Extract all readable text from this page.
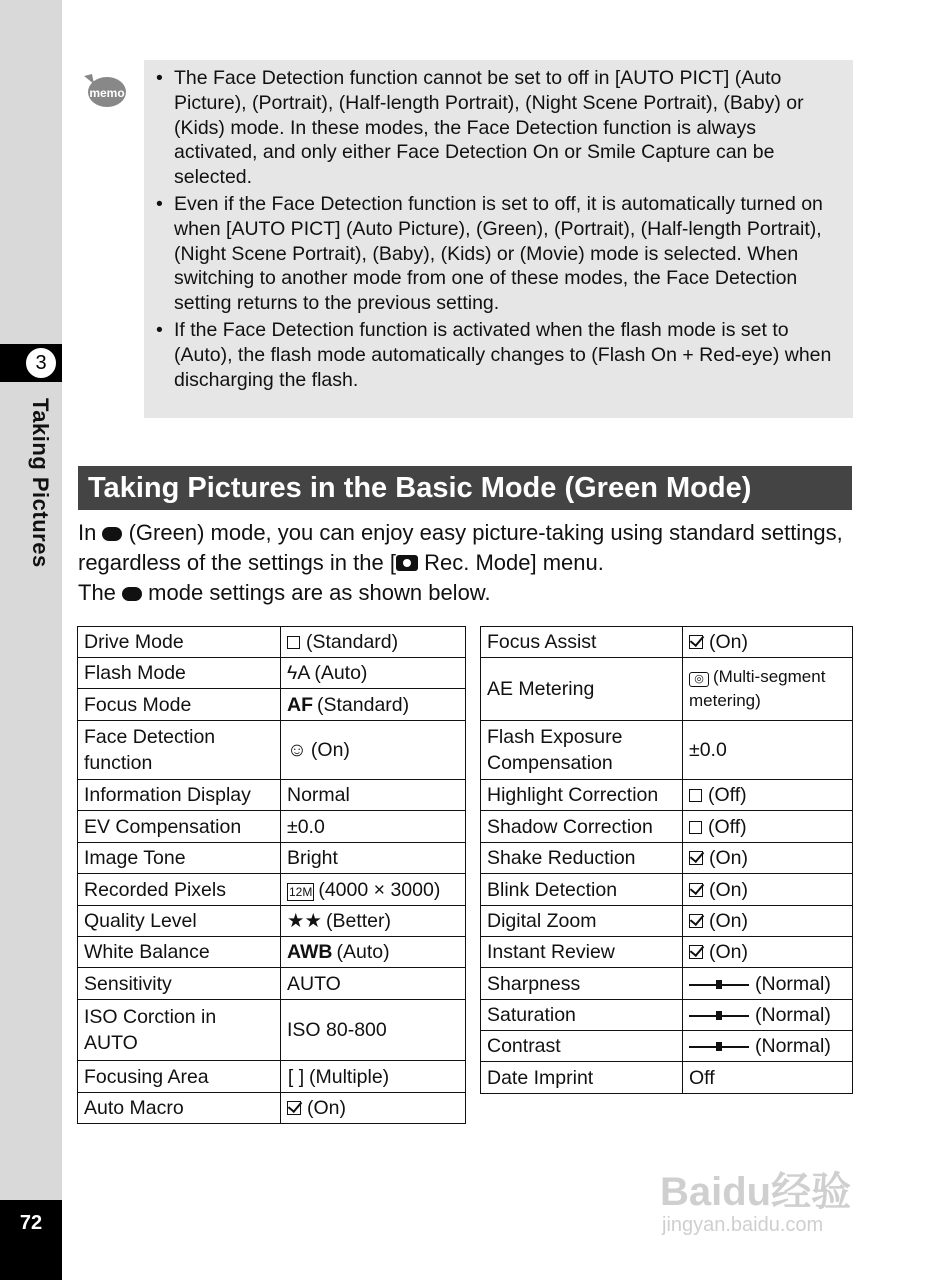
3
Taking Pictures
72
memo
• The Face Detection function cannot be set to off in [AUTO PICT] (Auto Picture), (Portrait), (Half-length Portrait), (Night Scene Portrait), (Baby) or (Kids) mode. In these modes, the Face Detection function is always activated, and only either Face Detection On or Smile Capture can be selected.
• Even if the Face Detection function is set to off, it is automatically turned on when [AUTO PICT] (Auto Picture), (Green), (Portrait), (Half-length Portrait), (Night Scene Portrait), (Baby), (Kids) or (Movie) mode is selected. When switching to another mode from one of these modes, the Face Detection setting returns to the previous setting.
• If the Face Detection function is activated when the flash mode is set to (Auto), the flash mode automatically changes to (Flash On + Red-eye) when discharging the flash.
Taking Pictures in the Basic Mode (Green Mode)

In (Green) mode, you can enjoy easy picture-taking using standard settings, regardless of the settings in the [ Rec. Mode] menu.

The mode settings are as shown below.

Drive Mode	(Standard)
Flash Mode	ϟA (Auto)
Focus Mode	AF (Standard)
Face Detection function	☺ (On)
Information Display	Normal
EV Compensation	±0.0
Image Tone	Bright
Recorded Pixels	12M (4000 × 3000)
Quality Level	★★ (Better)
White Balance	AWB (Auto)
Sensitivity	AUTO
ISO Corction in AUTO	ISO 80-800
Focusing Area	[ ] (Multiple)
Auto Macro	(On)
Focus Assist	(On)
AE Metering	◎ (Multi-segment metering)
Flash Exposure Compensation	±0.0
Highlight Correction	(Off)
Shadow Correction	(Off)
Shake Reduction	(On)
Blink Detection	(On)
Digital Zoom	(On)
Instant Review	(On)
Sharpness	(Normal)
Saturation	(Normal)
Contrast	(Normal)
Date Imprint	Off
Baidu经验
jingyan.baidu.com
